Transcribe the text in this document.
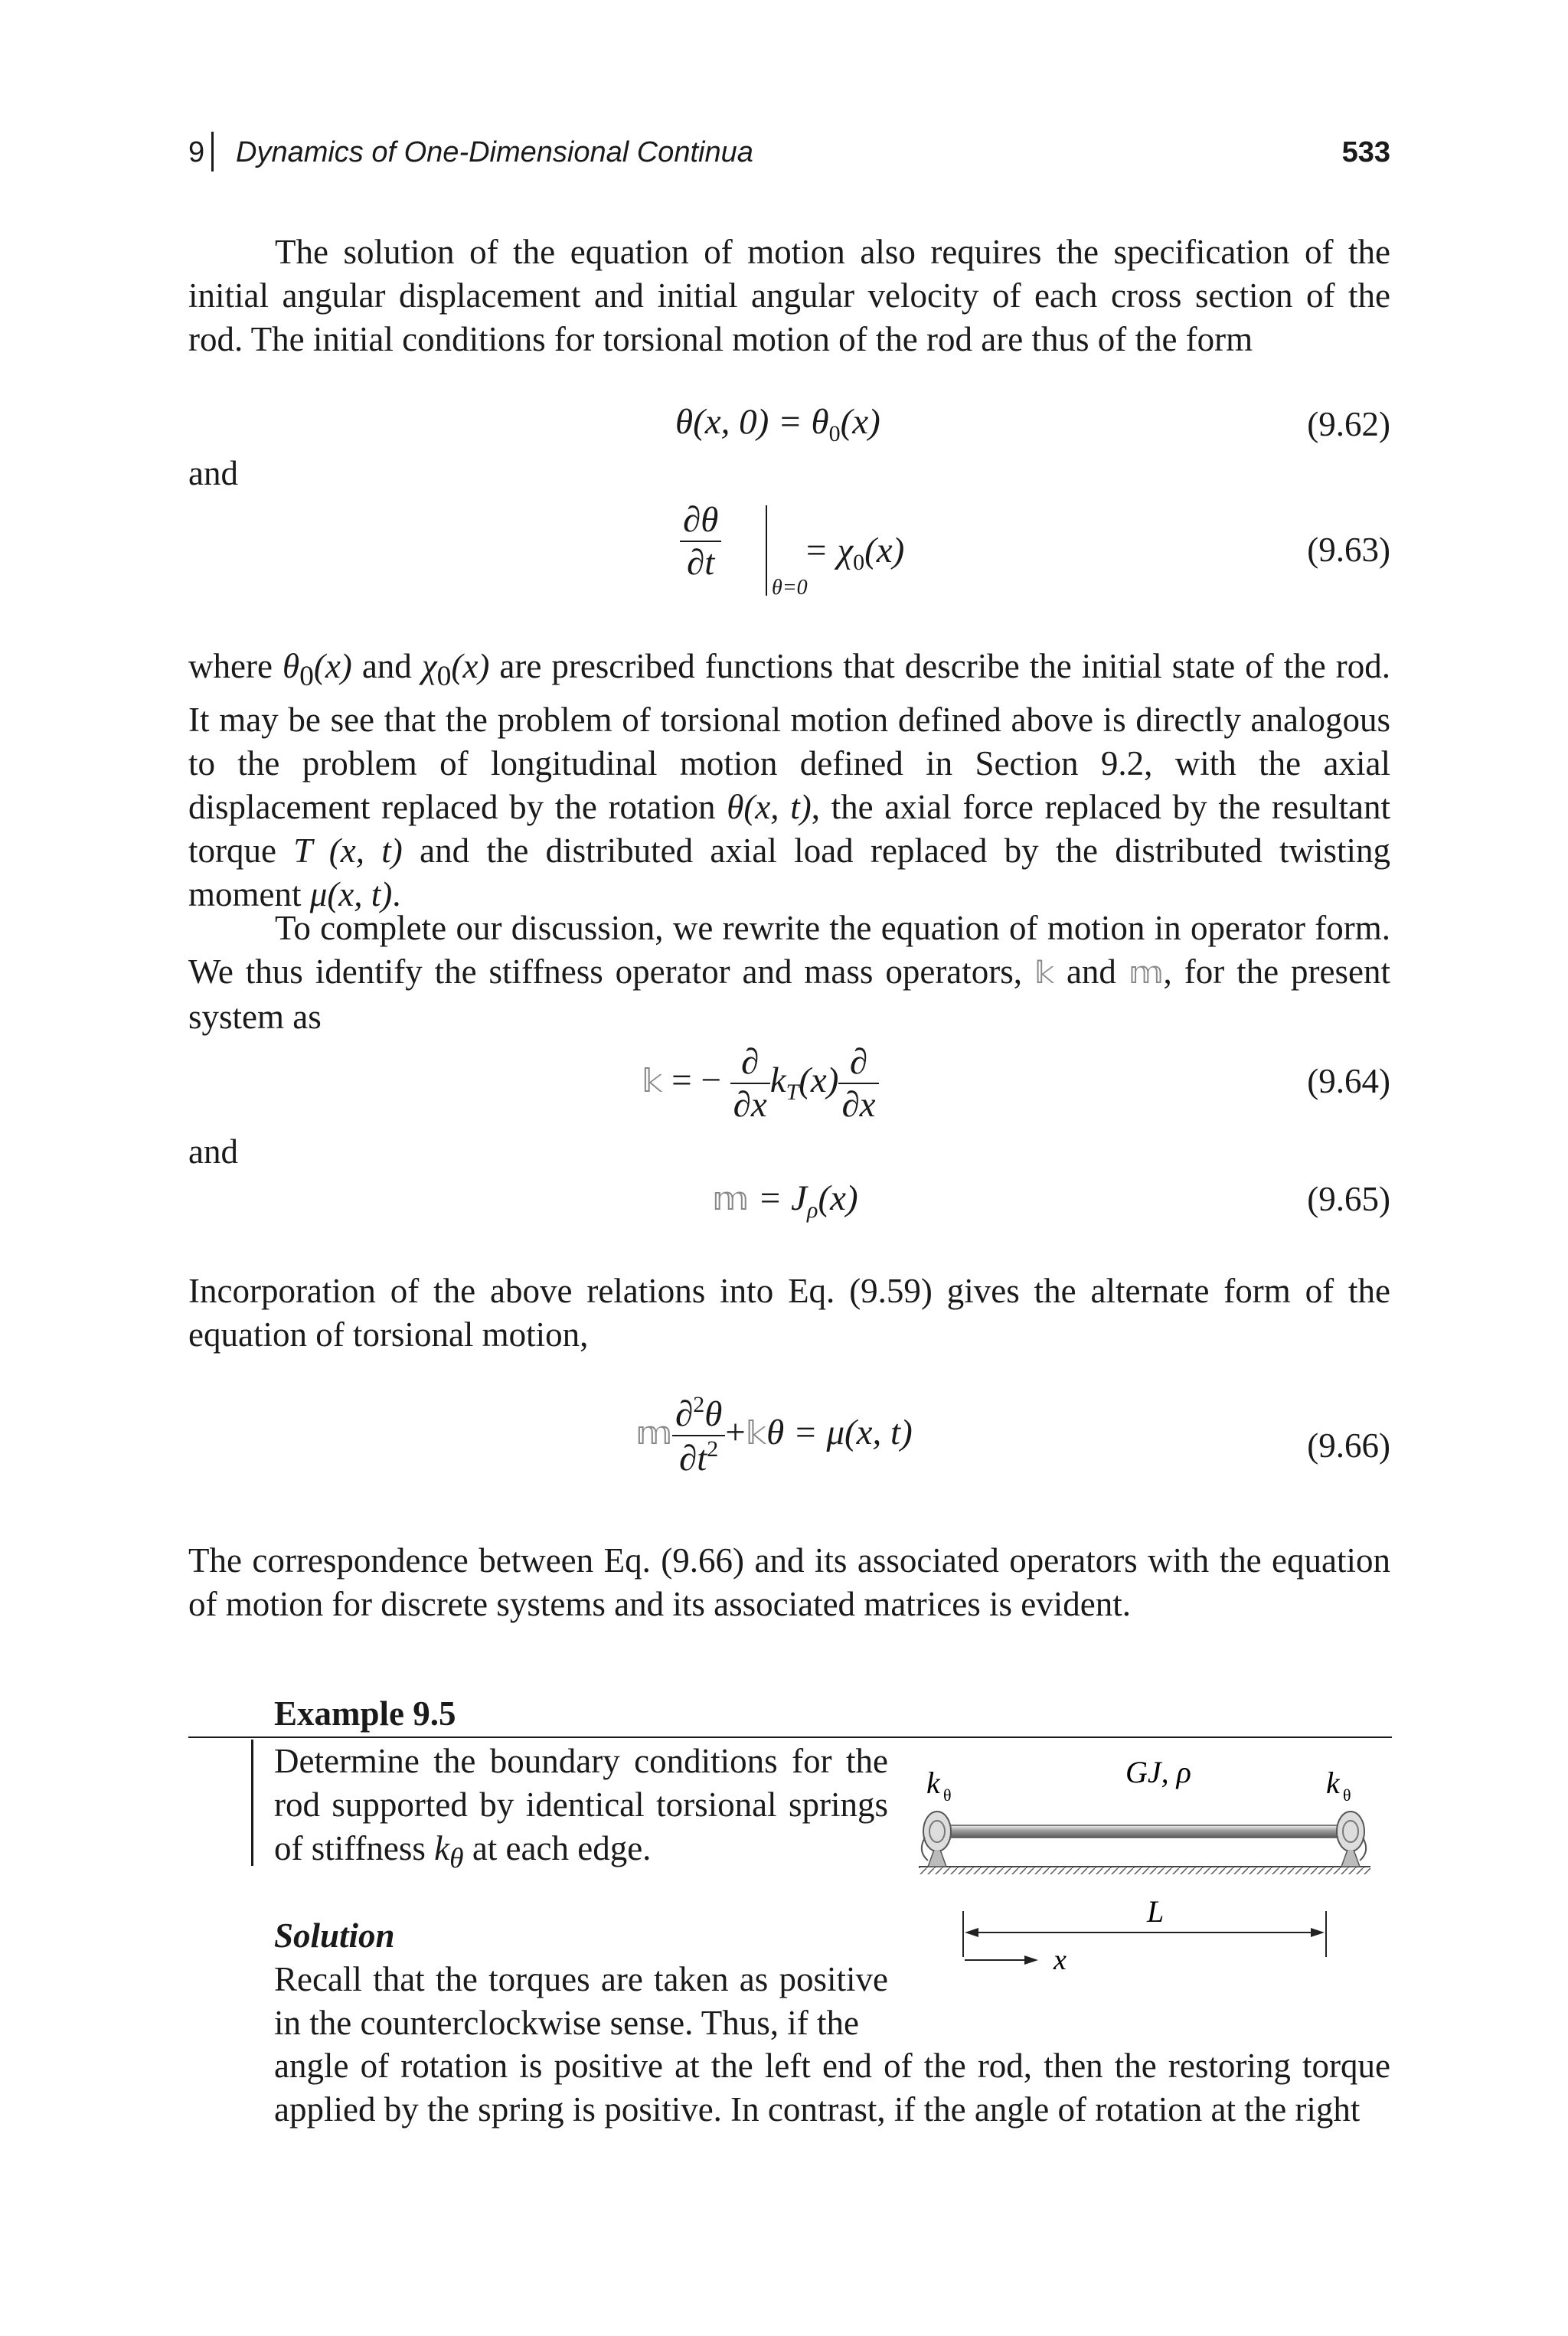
9 Dynamics of One-Dimensional Continua	533

The solution of the equation of motion also requires the specification of the initial angular displacement and initial angular velocity of each cross section of the rod. The initial conditions for torsional motion of the rod are thus of the form

θ(x, $0) = \theta_0(x)$	(9.62)
and
$\frac{\partial\theta}{\partial t}$
θ=0
= $\chi_0(x)$	(9.63)

where $\theta_0(x)$ and $\chi_0(x)$ are prescribed functions that describe the initial state of the rod. It may be see that the problem of torsional motion defined above is directly analogous to the problem of longitudinal motion defined in Section 9.2, with the axial displacement replaced by the rotation θ(x, t), the axial force replaced by the resultant torque T (x, t) and the distributed axial load replaced by the distributed twisting moment μ(x, t).

To complete our discussion, we rewrite the equation of motion in operator form. We thus identify the stiffness operator and mass operators, 𝕜 and 𝕞, for the present system as

𝕜 = − $\frac{\partial}{\partial x} k_T(x) \frac{\partial}{\partial x}$	(9.64)
and
𝕞 = $J_\rho(x)$	(9.65)

Incorporation of the above relations into Eq. (9.59) gives the alternate form of the equation of torsional motion,

𝕞 $\frac{\partial^2\theta}{\partial t^2}$ +𝕜θ = μ(x, t)	(9.66)

The correspondence between Eq. (9.66) and its associated operators with the equation of motion for discrete systems and its associated matrices is evident.

Example 9.5
Determine the boundary conditions for the rod supported by identical torsional springs of stiffness $k_\theta$ at each edge.
k θ
GJ, ρ	k θ
L
x
Solution
Recall that the torques are taken as positive in the counterclockwise sense. Thus, if the
angle of rotation is positive at the left end of the rod, then the restoring torque applied by the spring is positive. In contrast, if the angle of rotation at the right
